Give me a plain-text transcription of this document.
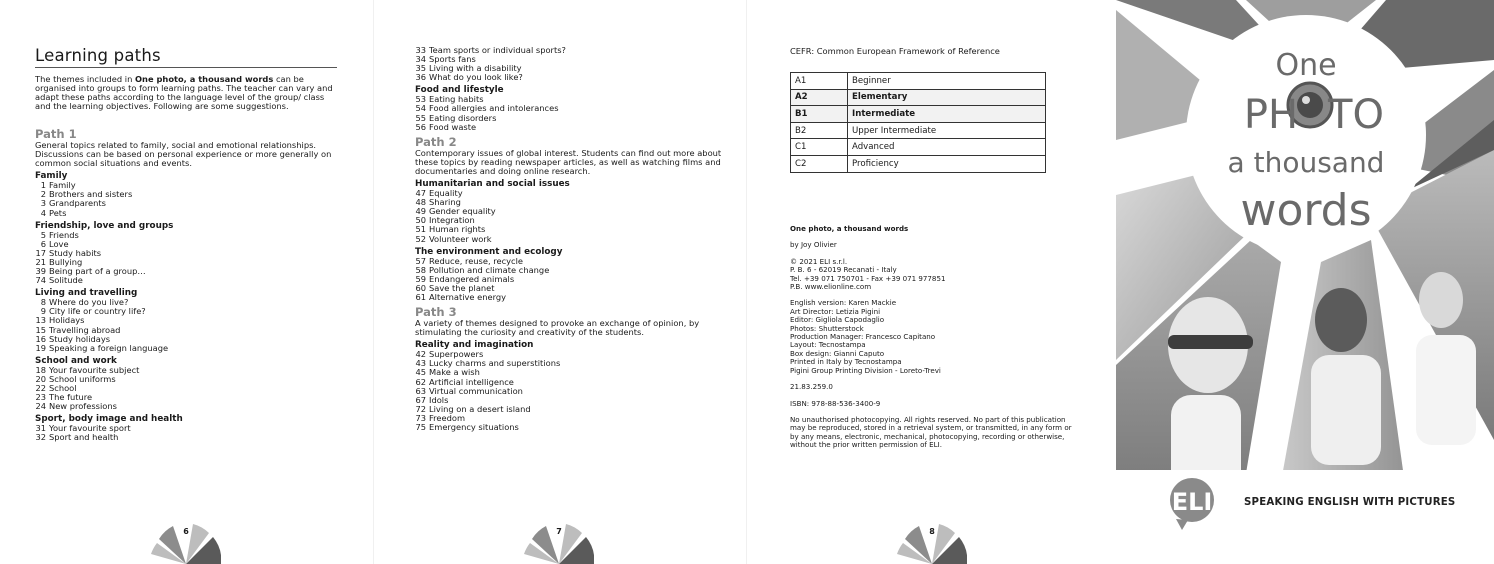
Learning paths
The themes included in One photo, a thousand words can be organised into groups to form learning paths. The teacher can vary and adapt these paths according to the language level of the group/ class and the learning objectives. Following are some suggestions.
Path 1
General topics related to family, social and emotional relationships. Discussions can be based on personal experience or more generally on common social situations and events.
Family
1 Family
2 Brothers and sisters
3 Grandparents
4 Pets
Friendship, love and groups
5 Friends
6 Love
17 Study habits
21 Bullying
39 Being part of a group…
74 Solitude
Living and travelling
8 Where do you live?
9 City life or country life?
13 Holidays
15 Travelling abroad
16 Study holidays
19 Speaking a foreign language
School and work
18 Your favourite subject
20 School uniforms
22 School
23 The future
24 New professions
Sport, body image and health
31 Your favourite sport
32 Sport and health
6
33 Team sports or individual sports?
34 Sports fans
35 Living with a disability
36 What do you look like?
Food and lifestyle
53 Eating habits
54 Food allergies and intolerances
55 Eating disorders
56 Food waste
Path 2
Contemporary issues of global interest. Students can find out more about these topics by reading newspaper articles, as well as watching films and documentaries and doing online research.
Humanitarian and social issues
47 Equality
48 Sharing
49 Gender equality
50 Integration
51 Human rights
52 Volunteer work
The environment and ecology
57 Reduce, reuse, recycle
58 Pollution and climate change
59 Endangered animals
60 Save the planet
61 Alternative energy
Path 3
A variety of themes designed to provoke an exchange of opinion, by stimulating the curiosity and creativity of the students.
Reality and imagination
42 Superpowers
43 Lucky charms and superstitions
45 Make a wish
62 Artificial intelligence
63 Virtual communication
67 Idols
72 Living on a desert island
73 Freedom
75 Emergency situations
7
CEFR: Common European Framework of Reference
A1	Beginner
A2	Elementary
B1	Intermediate
B2	Upper Intermediate
C1	Advanced
C2	Proficiency

One photo, a thousand words

by Joy Olivier

© 2021 ELI s.r.l.
P. B. 6 - 62019 Recanati - Italy
Tel. +39 071 750701 - Fax +39 071 977851
P.B. www.elionline.com

English version: Karen Mackie
Art Director: Letizia Pigini
Editor: Gigliola Capodaglio
Photos: Shutterstock
Production Manager: Francesco Capitano
Layout: Tecnostampa
Box design: Gianni Caputo
Printed in Italy by Tecnostampa
Pigini Group Printing Division - Loreto-Trevi

21.83.259.0

ISBN: 978-88-536-3400-9

No unauthorised photocopying. All rights reserved. No part of this publication may be reproduced, stored in a retrieval system, or transmitted, in any form or by any means, electronic, mechanical, photocopying, recording or otherwise, without the prior written permission of ELI.

8
ELI
One
PH TO
a thousand
words
SPEAKING ENGLISH WITH PICTURES
